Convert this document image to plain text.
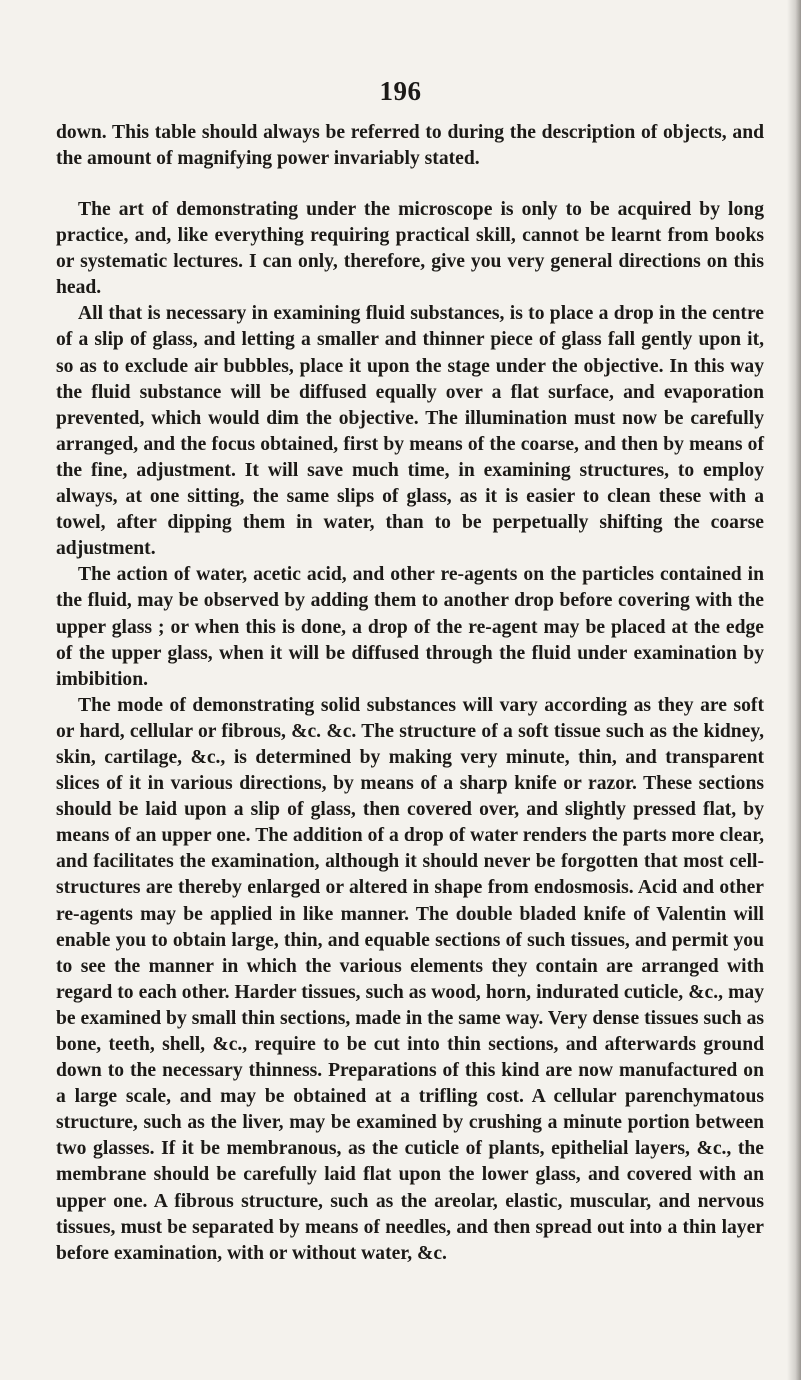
196

down. This table should always be referred to during the description of objects, and the amount of magnifying power invariably stated.

The art of demonstrating under the microscope is only to be acquired by long practice, and, like everything requiring practical skill, cannot be learnt from books or systematic lectures. I can only, therefore, give you very general directions on this head.

All that is necessary in examining fluid substances, is to place a drop in the centre of a slip of glass, and letting a smaller and thinner piece of glass fall gently upon it, so as to exclude air bubbles, place it upon the stage under the objective. In this way the fluid substance will be diffused equally over a flat surface, and evaporation prevented, which would dim the objective. The illumination must now be carefully arranged, and the focus obtained, first by means of the coarse, and then by means of the fine, adjustment. It will save much time, in examining structures, to employ always, at one sitting, the same slips of glass, as it is easier to clean these with a towel, after dipping them in water, than to be perpetually shifting the coarse adjustment.

The action of water, acetic acid, and other re-agents on the particles contained in the fluid, may be observed by adding them to another drop before covering with the upper glass ; or when this is done, a drop of the re-agent may be placed at the edge of the upper glass, when it will be diffused through the fluid under examination by imbibition.

The mode of demonstrating solid substances will vary according as they are soft or hard, cellular or fibrous, &c. &c. The structure of a soft tissue such as the kidney, skin, cartilage, &c., is determined by making very minute, thin, and transparent slices of it in various directions, by means of a sharp knife or razor. These sections should be laid upon a slip of glass, then covered over, and slightly pressed flat, by means of an upper one. The addition of a drop of water renders the parts more clear, and facilitates the examination, although it should never be forgotten that most cell-structures are thereby enlarged or altered in shape from endosmosis. Acid and other re-agents may be applied in like manner. The double bladed knife of Valentin will enable you to obtain large, thin, and equable sections of such tissues, and permit you to see the manner in which the various elements they contain are arranged with regard to each other. Harder tissues, such as wood, horn, indurated cuticle, &c., may be examined by small thin sections, made in the same way. Very dense tissues such as bone, teeth, shell, &c., require to be cut into thin sections, and afterwards ground down to the necessary thinness. Preparations of this kind are now manufactured on a large scale, and may be obtained at a trifling cost. A cellular parenchymatous structure, such as the liver, may be examined by crushing a minute portion between two glasses. If it be membranous, as the cuticle of plants, epithelial layers, &c., the membrane should be carefully laid flat upon the lower glass, and covered with an upper one. A fibrous structure, such as the areolar, elastic, muscular, and nervous tissues, must be separated by means of needles, and then spread out into a thin layer before examination, with or without water, &c.
